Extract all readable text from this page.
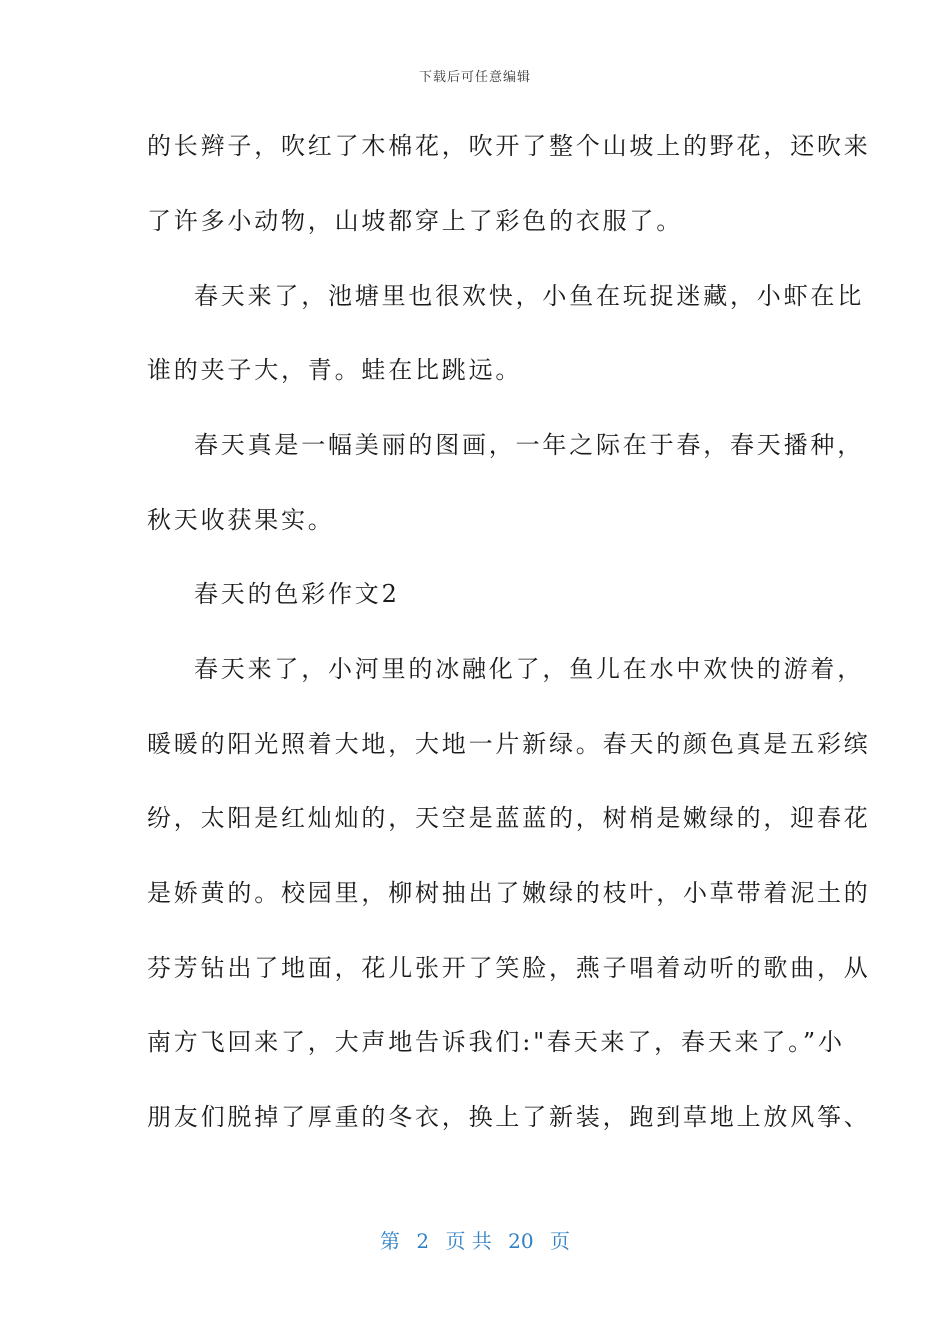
下载后可任意编辑
的长辫子，吹红了木棉花，吹开了整个山坡上的野花，还吹来
了许多小动物，山坡都穿上了彩色的衣服了。
春天来了，池塘里也很欢快，小鱼在玩捉迷藏，小虾在比
谁的夹子大，青。蛙在比跳远。
春天真是一幅美丽的图画，一年之际在于春，春天播种，
秋天收获果实。
春天的色彩作文2
春天来了，小河里的冰融化了，鱼儿在水中欢快的游着，
暖暖的阳光照着大地，大地一片新绿。春天的颜色真是五彩缤
纷，太阳是红灿灿的，天空是蓝蓝的，树梢是嫩绿的，迎春花
是娇黄的。校园里，柳树抽出了嫩绿的枝叶，小草带着泥土的
芬芳钻出了地面，花儿张开了笑脸，燕子唱着动听的歌曲，从
南方飞回来了，大声地告诉我们:"春天来了，春天来了。”小
朋友们脱掉了厚重的冬衣，换上了新装，跑到草地上放风筝、
第 2 页 共 20 页
